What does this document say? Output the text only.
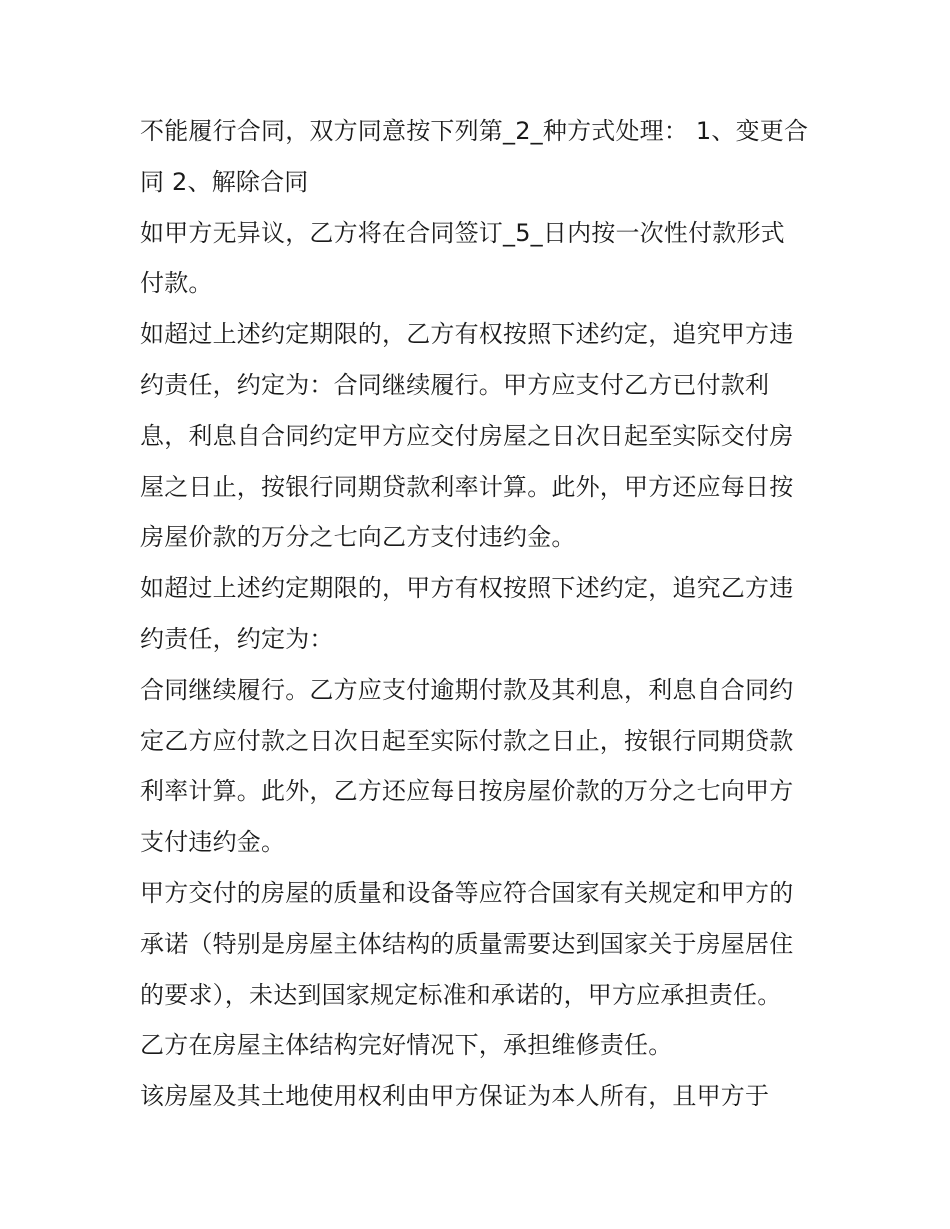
不能履行合同，双方同意按下列第_2_种方式处理： 1、变更合
同 2、解除合同

如甲方无异议，乙方将在合同签订_5_日内按一次性付款形式
付款。

如超过上述约定期限的，乙方有权按照下述约定，追究甲方违
约责任，约定为：合同继续履行。甲方应支付乙方已付款利
息，利息自合同约定甲方应交付房屋之日次日起至实际交付房
屋之日止，按银行同期贷款利率计算。此外，甲方还应每日按
房屋价款的万分之七向乙方支付违约金。

如超过上述约定期限的，甲方有权按照下述约定，追究乙方违
约责任，约定为：

合同继续履行。乙方应支付逾期付款及其利息，利息自合同约
定乙方应付款之日次日起至实际付款之日止，按银行同期贷款
利率计算。此外，乙方还应每日按房屋价款的万分之七向甲方
支付违约金。

甲方交付的房屋的质量和设备等应符合国家有关规定和甲方的
承诺（特别是房屋主体结构的质量需要达到国家关于房屋居住
的要求），未达到国家规定标准和承诺的，甲方应承担责任。

乙方在房屋主体结构完好情况下，承担维修责任。

该房屋及其土地使用权利由甲方保证为本人所有，且甲方于
